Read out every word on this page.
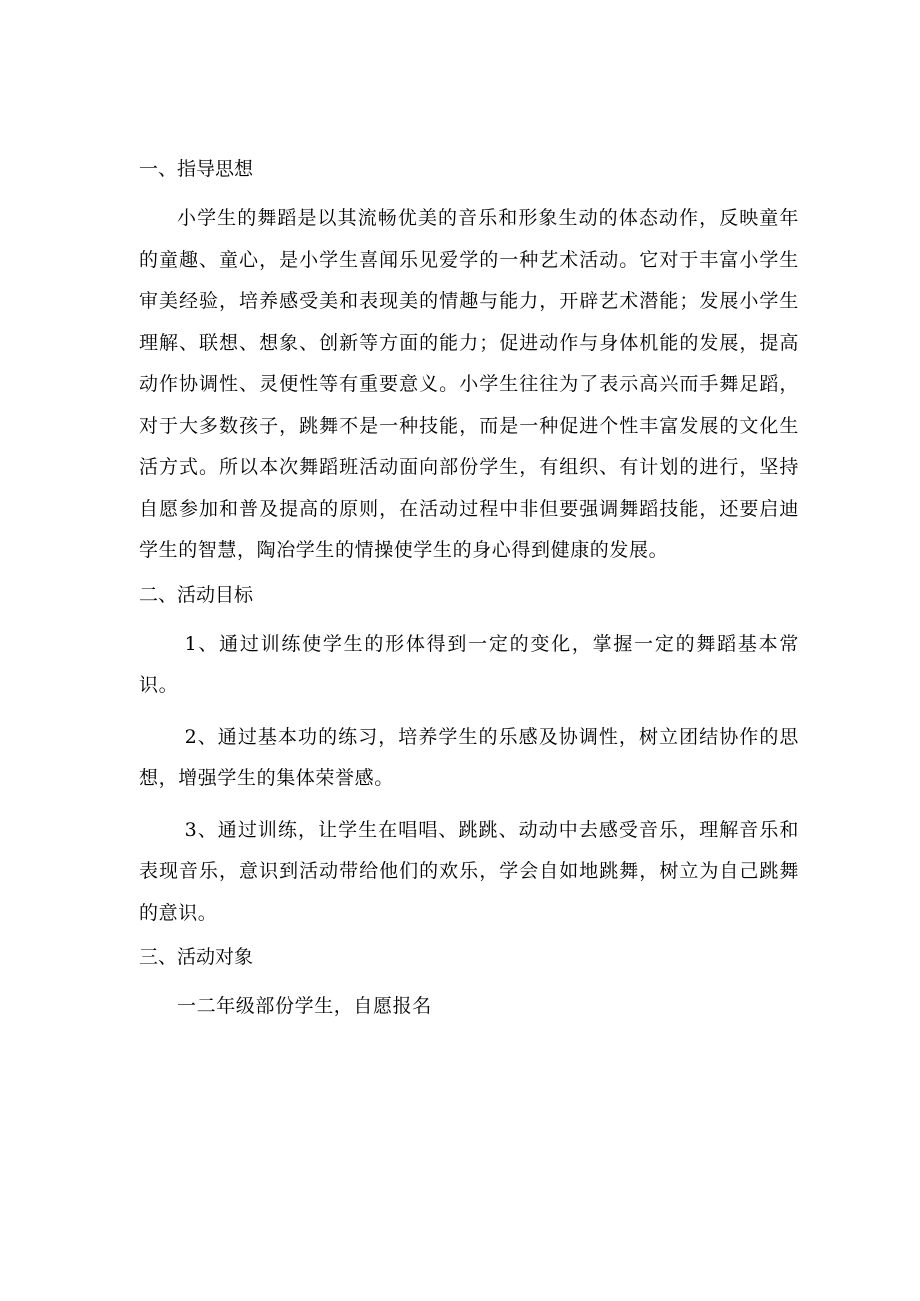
一、指导思想

小学生的舞蹈是以其流畅优美的音乐和形象生动的体态动作，反映童年的童趣、童心，是小学生喜闻乐见爱学的一种艺术活动。它对于丰富小学生审美经验，培养感受美和表现美的情趣与能力，开辟艺术潜能；发展小学生理解、联想、想象、创新等方面的能力；促进动作与身体机能的发展，提高动作协调性、灵便性等有重要意义。小学生往往为了表示高兴而手舞足蹈，对于大多数孩子，跳舞不是一种技能，而是一种促进个性丰富发展的文化生活方式。所以本次舞蹈班活动面向部份学生，有组织、有计划的进行，坚持自愿参加和普及提高的原则，在活动过程中非但要强调舞蹈技能，还要启迪学生的智慧，陶冶学生的情操使学生的身心得到健康的发展。

二、活动目标

1、通过训练使学生的形体得到一定的变化，掌握一定的舞蹈基本常识。

2、通过基本功的练习，培养学生的乐感及协调性，树立团结协作的思想，增强学生的集体荣誉感。

3、通过训练，让学生在唱唱、跳跳、动动中去感受音乐，理解音乐和表现音乐，意识到活动带给他们的欢乐，学会自如地跳舞，树立为自己跳舞的意识。

三、活动对象

一二年级部份学生，自愿报名
